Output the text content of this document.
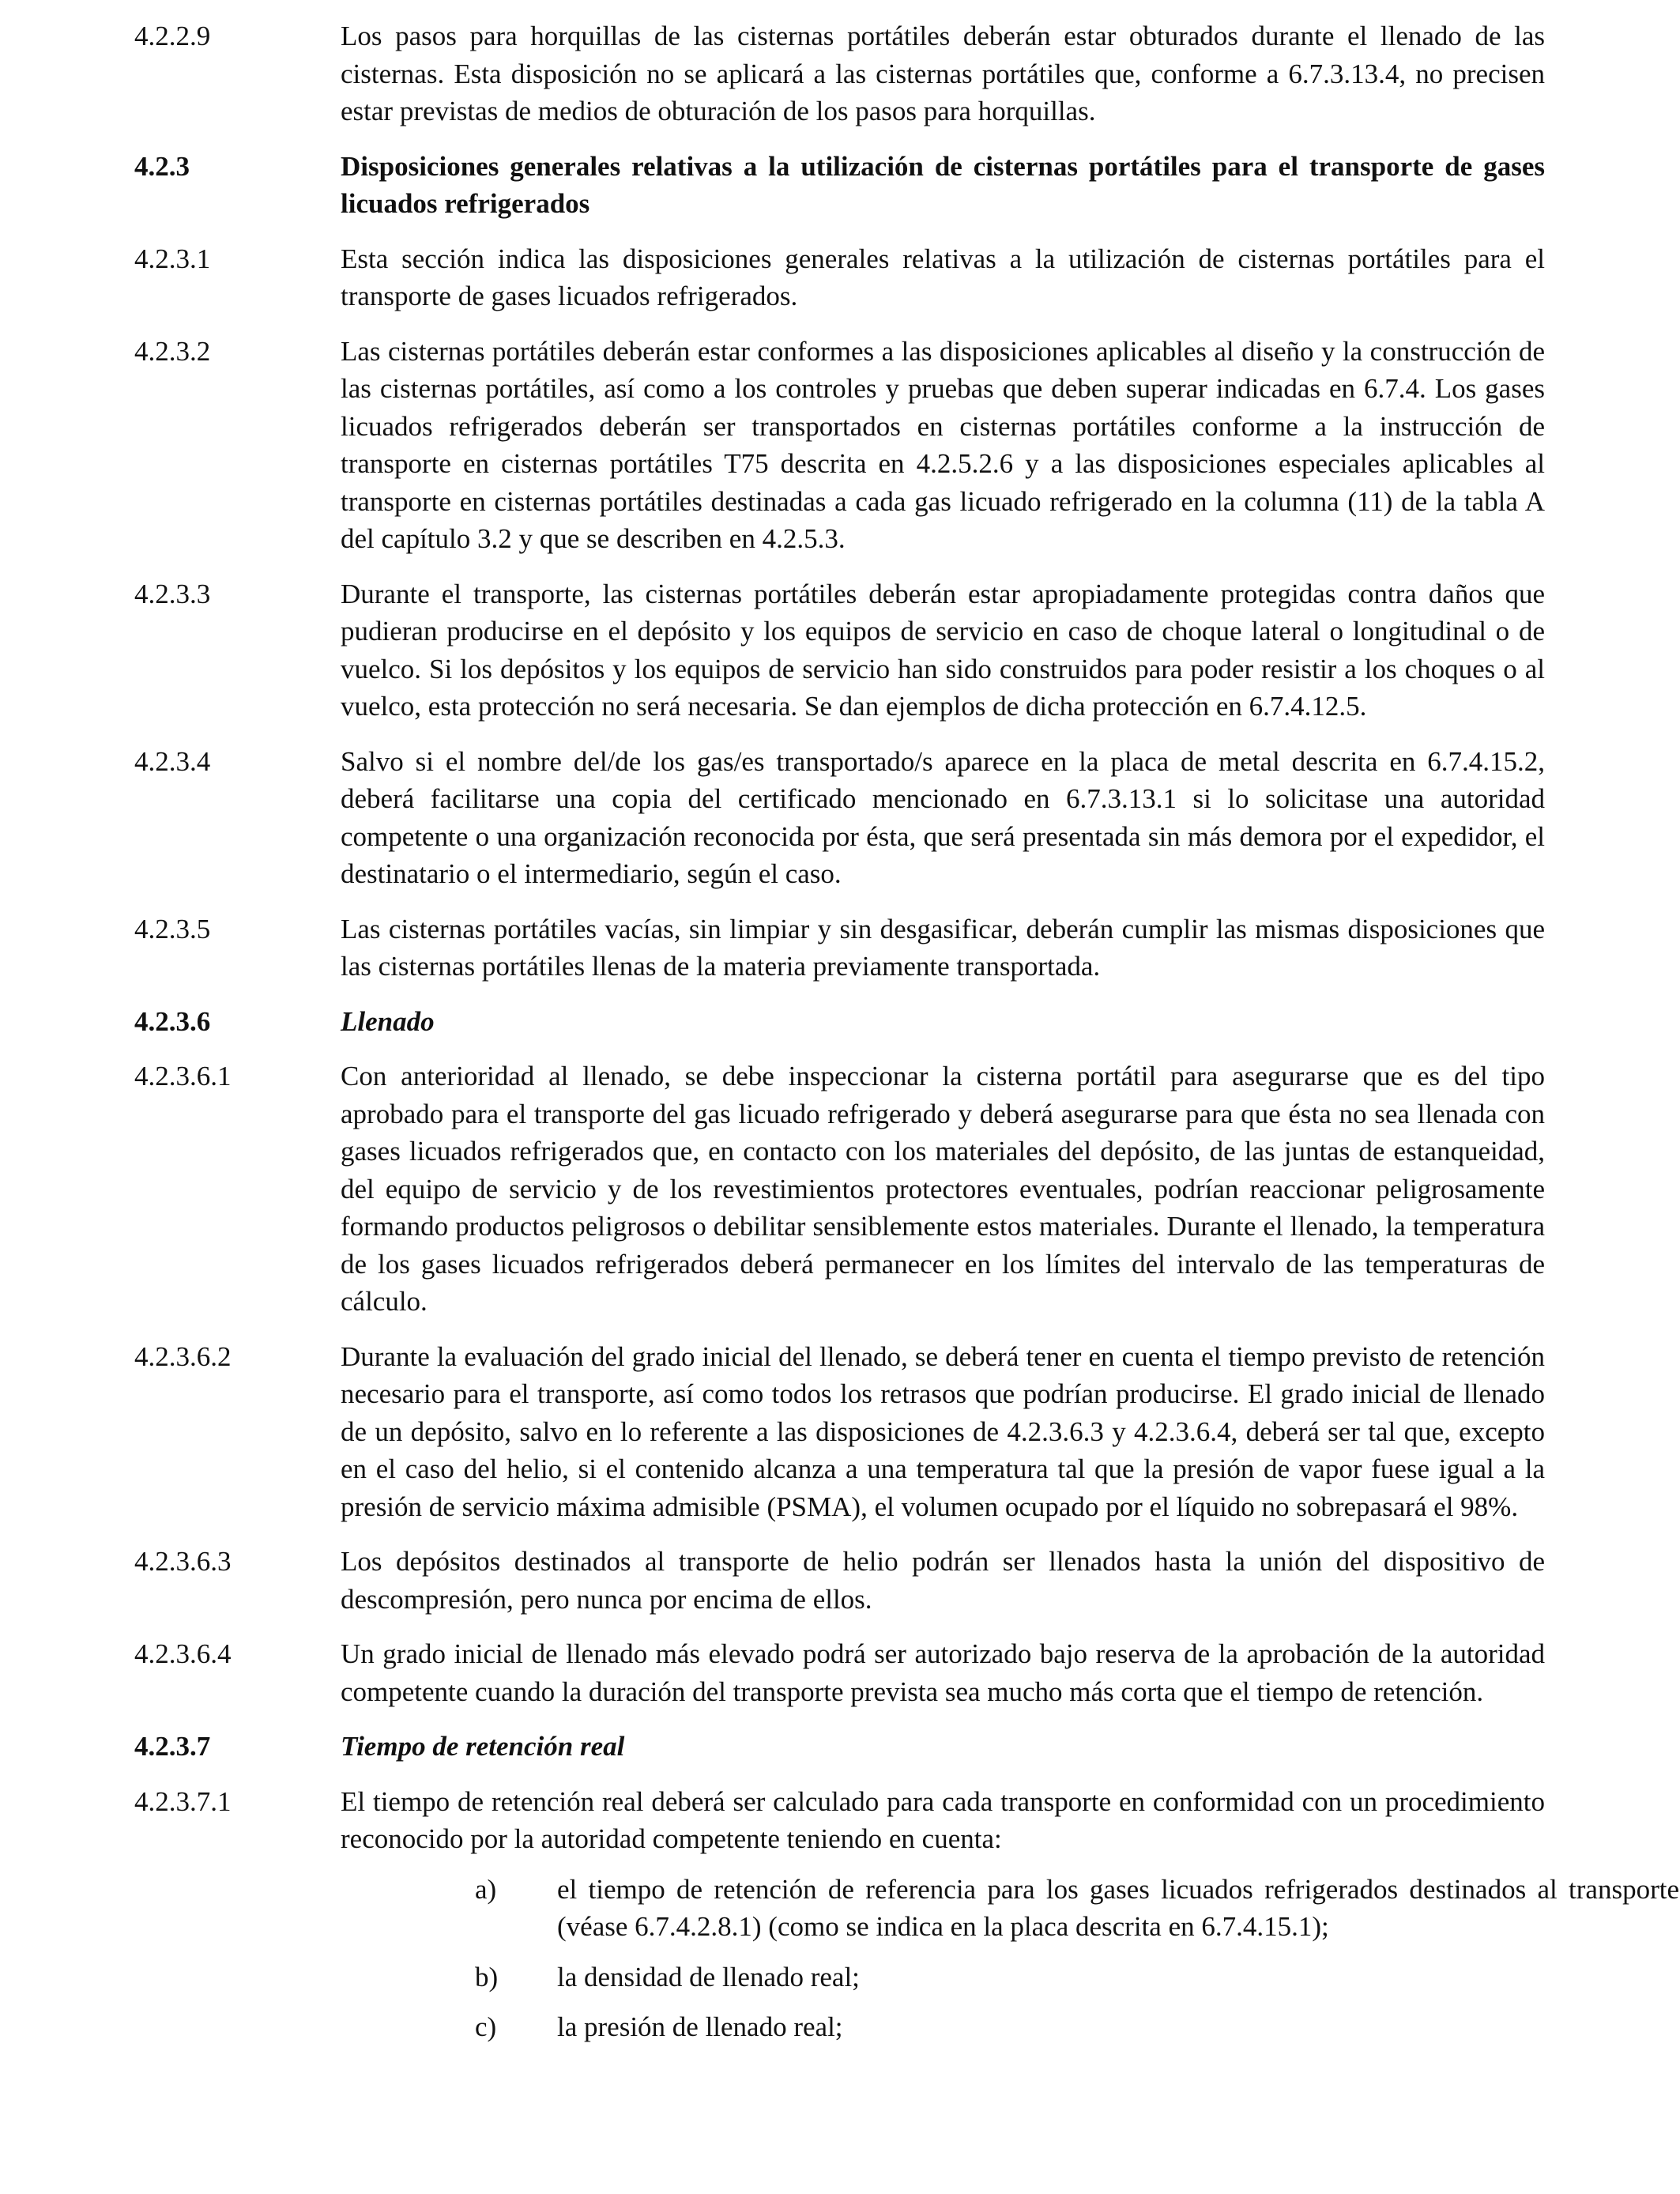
4.2.2.9	Los pasos para horquillas de las cisternas portátiles deberán estar obturados durante el llenado de las cisternas. Esta disposición no se aplicará a las cisternas portátiles que, conforme a 6.7.3.13.4, no precisen estar previstas de medios de obturación de los pasos para horquillas.
4.2.3	Disposiciones generales relativas a la utilización de cisternas portátiles para el transporte de gases licuados refrigerados
4.2.3.1	Esta sección indica las disposiciones generales relativas a la utilización de cisternas portátiles para el transporte de gases licuados refrigerados.
4.2.3.2	Las cisternas portátiles deberán estar conformes a las disposiciones aplicables al diseño y la construcción de las cisternas portátiles, así como a los controles y pruebas que deben superar indicadas en 6.7.4. Los gases licuados refrigerados deberán ser transportados en cisternas portátiles conforme a la instrucción de transporte en cisternas portátiles T75 descrita en 4.2.5.2.6 y a las disposiciones especiales aplicables al transporte en cisternas portátiles destinadas a cada gas licuado refrigerado en la columna (11) de la tabla A del capítulo 3.2 y que se describen en 4.2.5.3.
4.2.3.3	Durante el transporte, las cisternas portátiles deberán estar apropiadamente protegidas contra daños que pudieran producirse en el depósito y los equipos de servicio en caso de choque lateral o longitudinal o de vuelco. Si los depósitos y los equipos de servicio han sido construidos para poder resistir a los choques o al vuelco, esta protección no será necesaria. Se dan ejemplos de dicha protección en 6.7.4.12.5.
4.2.3.4	Salvo si el nombre del/de los gas/es transportado/s aparece en la placa de metal descrita en 6.7.4.15.2, deberá facilitarse una copia del certificado mencionado en 6.7.3.13.1 si lo solicitase una autoridad competente o una organización reconocida por ésta, que será presentada sin más demora por el expedidor, el destinatario o el intermediario, según el caso.
4.2.3.5	Las cisternas portátiles vacías, sin limpiar y sin desgasificar, deberán cumplir las mismas disposiciones que las cisternas portátiles llenas de la materia previamente transportada.
4.2.3.6	Llenado
4.2.3.6.1	Con anterioridad al llenado, se debe inspeccionar la cisterna portátil para asegurarse que es del tipo aprobado para el transporte del gas licuado refrigerado y deberá asegurarse para que ésta no sea llenada con gases licuados refrigerados que, en contacto con los materiales del depósito, de las juntas de estanqueidad, del equipo de servicio y de los revestimientos protectores eventuales, podrían reaccionar peligrosamente formando productos peligrosos o debilitar sensiblemente estos materiales. Durante el llenado, la temperatura de los gases licuados refrigerados deberá permanecer en los límites del intervalo de las temperaturas de cálculo.
4.2.3.6.2	Durante la evaluación del grado inicial del llenado, se deberá tener en cuenta el tiempo previsto de retención necesario para el transporte, así como todos los retrasos que podrían producirse. El grado inicial de llenado de un depósito, salvo en lo referente a las disposiciones de 4.2.3.6.3 y 4.2.3.6.4, deberá ser tal que, excepto en el caso del helio, si el contenido alcanza a una temperatura tal que la presión de vapor fuese igual a la presión de servicio máxima admisible (PSMA), el volumen ocupado por el líquido no sobrepasará el 98%.
4.2.3.6.3	Los depósitos destinados al transporte de helio podrán ser llenados hasta la unión del dispositivo de descompresión, pero nunca por encima de ellos.
4.2.3.6.4	Un grado inicial de llenado más elevado podrá ser autorizado bajo reserva de la aprobación de la autoridad competente cuando la duración del transporte prevista sea mucho más corta que el tiempo de retención.
4.2.3.7	Tiempo de retención real
4.2.3.7.1	El tiempo de retención real deberá ser calculado para cada transporte en conformidad con un procedimiento reconocido por la autoridad competente teniendo en cuenta:
a)	el tiempo de retención de referencia para los gases licuados refrigerados destinados al transporte (véase 6.7.4.2.8.1) (como se indica en la placa descrita en 6.7.4.15.1);
b)	la densidad de llenado real;
c)	la presión de llenado real;
